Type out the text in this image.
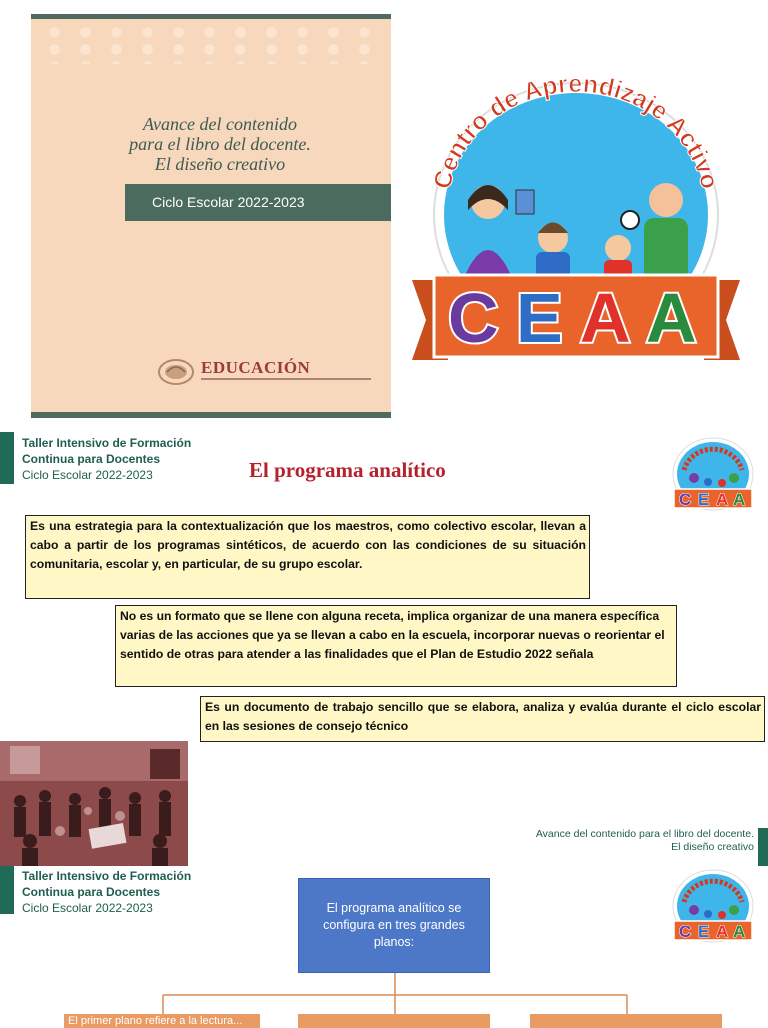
Avance del contenido
para el libro del docente.
El diseño creativo
Ciclo Escolar 2022-2023
EDUCACIÓN
Centro de Aprendizaje Activo
C E A A
Taller Intensivo de Formación
Continua para Docentes
Ciclo Escolar 2022-2023	El programa analítico
C E A A
Es una estrategia para la contextualización que los maestros, como colectivo escolar, llevan a cabo a partir de los programas sintéticos, de acuerdo con las condiciones de su situación comunitaria, escolar y, en particular, de su grupo escolar.
No es un formato que se llene con alguna receta, implica organizar de una manera específica varias de las acciones que ya se llevan a cabo en la escuela, incorporar nuevas o reorientar el sentido de otras para atender a las finalidades que el Plan de Estudio 2022 señala
Es un documento de trabajo sencillo que se elabora, analiza y evalúa durante el ciclo escolar en las sesiones de consejo técnico
Avance del contenido para el libro del docente.
El diseño creativo
Taller Intensivo de Formación
Continua para Docentes
Ciclo Escolar 2022-2023
C E A A
El programa analítico se configura en tres grandes planos:
El primer plano refiere a la lectura...
